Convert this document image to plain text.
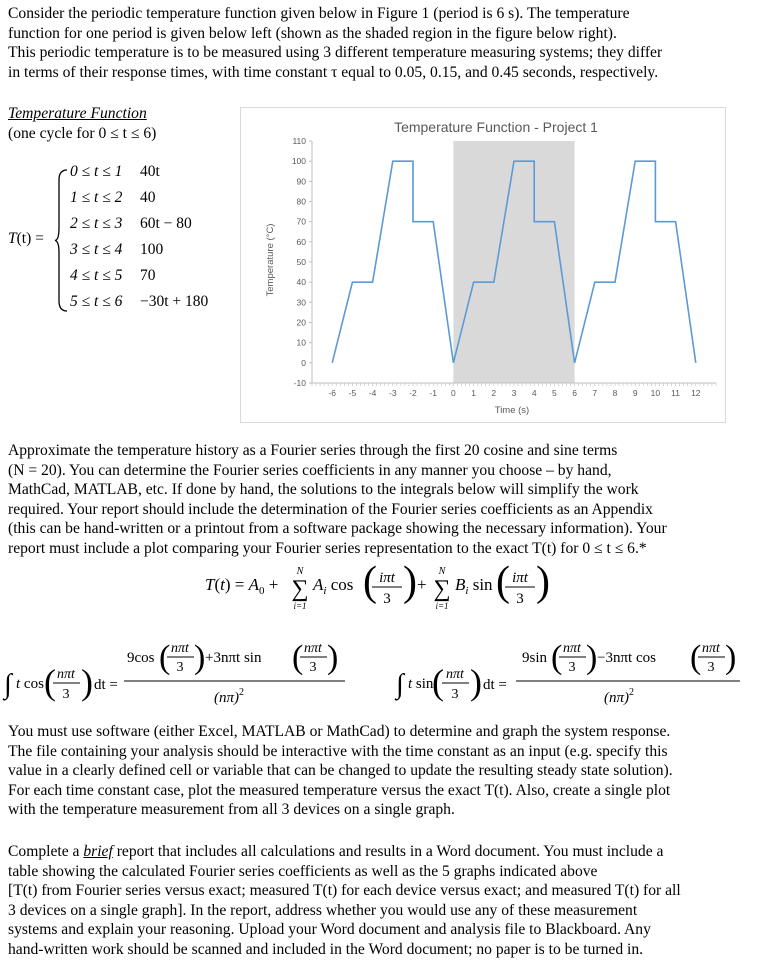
Consider the periodic temperature function given below in Figure 1 (period is 6 s). The temperature

function for one period is given below left (shown as the shaded region in the figure below right).

This periodic temperature is to be measured using 3 different temperature measuring systems; they differ

in terms of their response times, with time constant τ equal to 0.05, 0.15, and 0.45 seconds, respectively.

Temperature Function
(one cycle for 0 ≤ t ≤ 6)
T(t) =
0 ≤ t ≤ 1 40t
1 ≤ t ≤ 2 40
2 ≤ t ≤ 3 60t − 80
3 ≤ t ≤ 4 100
4 ≤ t ≤ 5 70
5 ≤ t ≤ 6 −30t + 180
-10
0
10
20
30
40
50
60
70
80
90
100
110
-6 -5 -4 -3 -2 -1 0 1 2 3 4 5 6 7 8 9 10 11 12
Temperature Function - Project 1
Time (s)
Temperature (°C)

Approximate the temperature history as a Fourier series through the first 20 cosine and sine terms

(N = 20). You can determine the Fourier series coefficients in any manner you choose – by hand,

MathCad, MATLAB, etc. If done by hand, the solutions to the integrals below will simplify the work

required. Your report should include the determination of the Fourier series coefficients as an Appendix

(this can be hand-written or a printout from a software package showing the necessary information). Your

report must include a plot comparing your Fourier series representation to the exact T(t) for 0 ≤ t ≤ 6.*

$T(t) = A_0$ +
N
∑
i=1
$A_i$ cos ( iπt
3 ) +
N
∑
i=1
$B_i$ sin ( iπt
3 )
∫ t cos ( nπt
3 ) dt =
9cos ( nπt
3 ) +3nπt sin ( nπt
3 )
$(n\pi)^2$	∫ t sin
( nπt
3 ) dt =
9sin ( nπt
3 ) −3nπt cos ( nπt
3 )
$(n\pi)^2$

You must use software (either Excel, MATLAB or MathCad) to determine and graph the system response.

The file containing your analysis should be interactive with the time constant as an input (e.g. specify this

value in a clearly defined cell or variable that can be changed to update the resulting steady state solution).

For each time constant case, plot the measured temperature versus the exact T(t). Also, create a single plot

with the temperature measurement from all 3 devices on a single graph.

Complete a brief report that includes all calculations and results in a Word document. You must include a

table showing the calculated Fourier series coefficients as well as the 5 graphs indicated above

[T(t) from Fourier series versus exact; measured T(t) for each device versus exact; and measured T(t) for all

3 devices on a single graph]. In the report, address whether you would use any of these measurement

systems and explain your reasoning. Upload your Word document and analysis file to Blackboard. Any

hand-written work should be scanned and included in the Word document; no paper is to be turned in.
